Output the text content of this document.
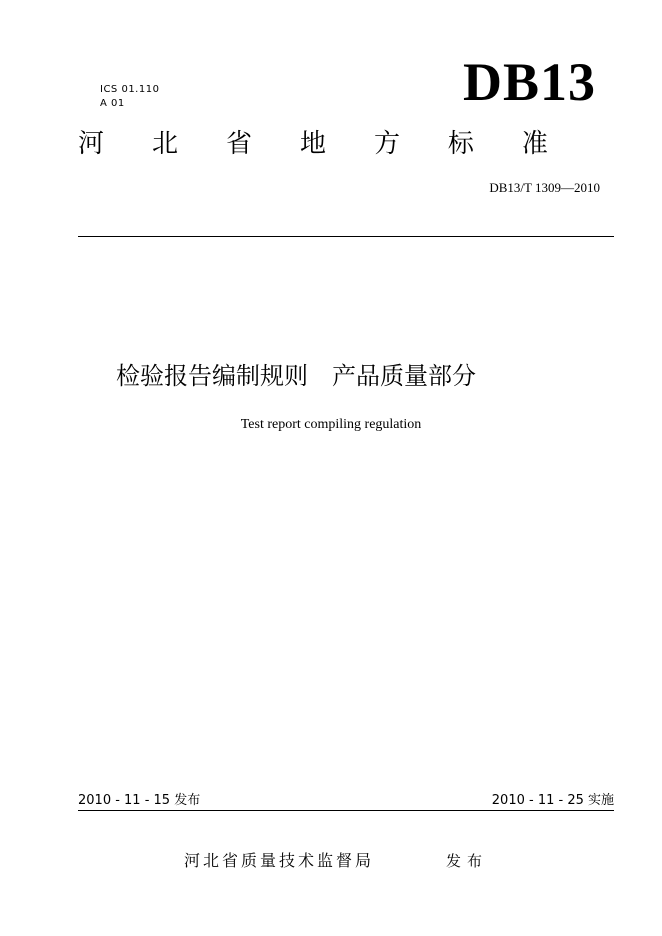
ICS 01.110
A 01	DB13
河 北 省 地 方 标 准
DB13/T 1309—2010
检验报告编制规则　产品质量部分
Test report compiling regulation
2010 - 11 - 15 发布	2010 - 11 - 25 实施
河北省质量技术监督局	发布
